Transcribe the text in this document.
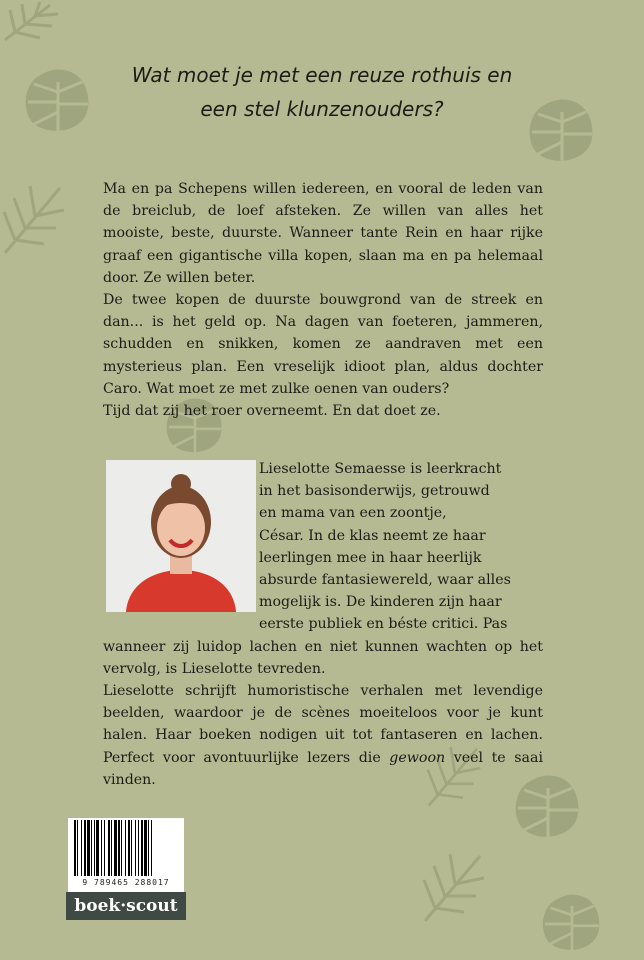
Wat moet je met een reuze rothuis en
een stel klunzenouders?

Ma en pa Schepens willen iedereen, en vooral de leden van de breiclub, de loef afsteken. Ze willen van alles het mooiste, beste, duurste. Wanneer tante Rein en haar rijke graaf een gigantische villa kopen, slaan ma en pa helemaal door. Ze willen beter.

De twee kopen de duurste bouwgrond van de streek en dan... is het geld op. Na dagen van foeteren, jammeren, schudden en snikken, komen ze aandraven met een mysterieus plan. Een vreselijk idioot plan, aldus dochter Caro. Wat moet ze met zulke oenen van ouders?

Tijd dat zij het roer overneemt. En dat doet ze.

Lieselotte Semaesse is leerkracht

in het basisonderwijs, getrouwd

en mama van een zoontje,

César. In de klas neemt ze haar

leerlingen mee in haar heerlijk

absurde fantasiewereld, waar alles

mogelijk is. De kinderen zijn haar

eerste publiek en béste critici. Pas

wanneer zij luidop lachen en niet kunnen wachten op het vervolg, is Lieselotte tevreden.

Lieselotte schrijft humoristische verhalen met levendige beelden, waardoor je de scènes moeiteloos voor je kunt halen. Haar boeken nodigen uit tot fantaseren en lachen. Perfect voor avontuurlijke lezers die gewoon veel te saai vinden.

9 789465 288017
boek·scout
